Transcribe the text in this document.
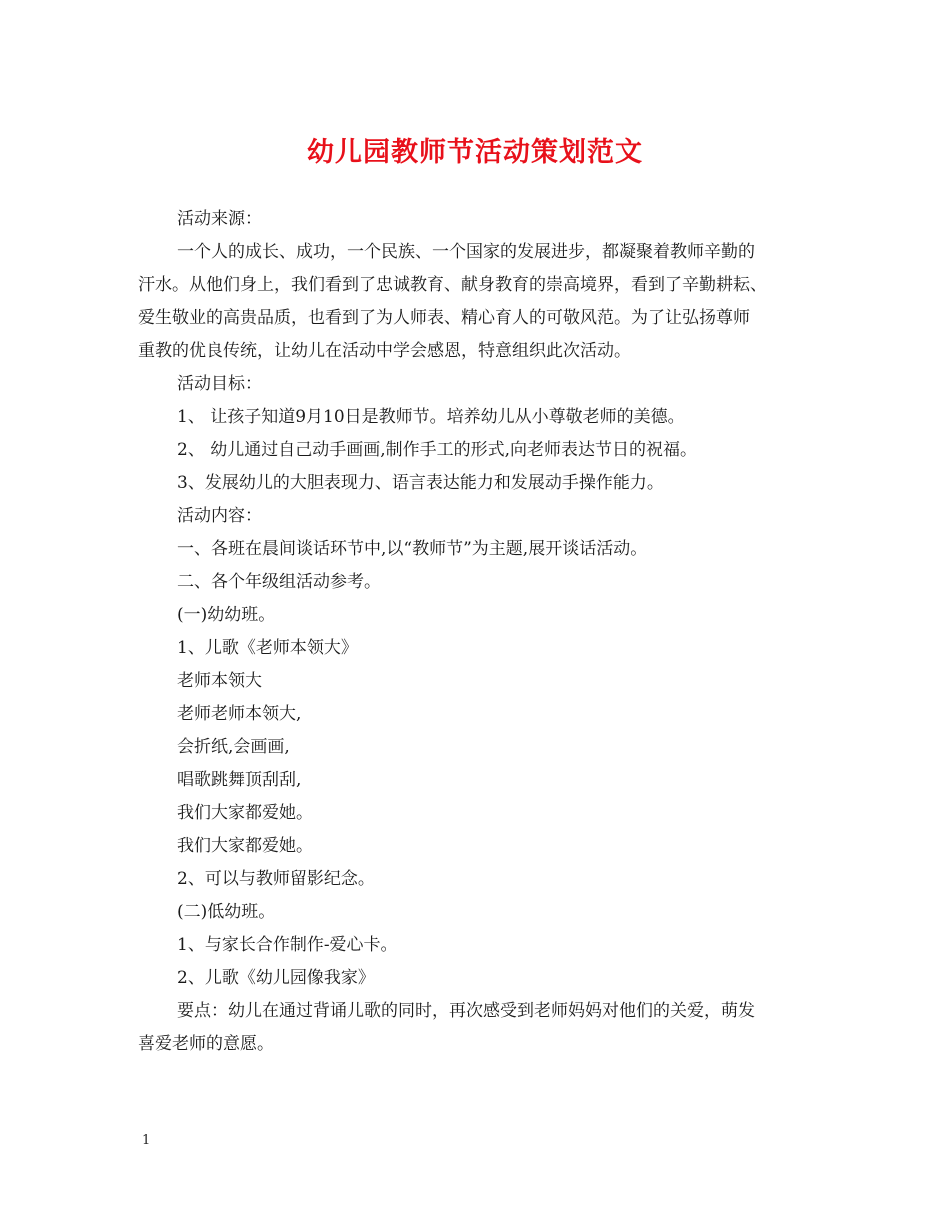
幼儿园教师节活动策划范文

活动来源：

一个人的成长、成功，一个民族、一个国家的发展进步，都凝聚着教师辛勤的

汗水。从他们身上，我们看到了忠诚教育、献身教育的崇高境界，看到了辛勤耕耘、

爱生敬业的高贵品质，也看到了为人师表、精心育人的可敬风范。为了让弘扬尊师

重教的优良传统，让幼儿在活动中学会感恩，特意组织此次活动。

活动目标：

1、 让孩子知道9月10日是教师节。培养幼儿从小尊敬老师的美德。

2、 幼儿通过自己动手画画,制作手工的形式,向老师表达节日的祝福。

3、发展幼儿的大胆表现力、语言表达能力和发展动手操作能力。

活动内容：

一、各班在晨间谈话环节中,以“教师节”为主题,展开谈话活动。

二、各个年级组活动参考。

(一)幼幼班。

1、儿歌《老师本领大》

老师本领大

老师老师本领大,

会折纸,会画画,

唱歌跳舞顶刮刮,

我们大家都爱她。

我们大家都爱她。

2、可以与教师留影纪念。

(二)低幼班。

1、与家长合作制作-爱心卡。

2、儿歌《幼儿园像我家》

要点：幼儿在通过背诵儿歌的同时，再次感受到老师妈妈对他们的关爱，萌发

喜爱老师的意愿。

1
